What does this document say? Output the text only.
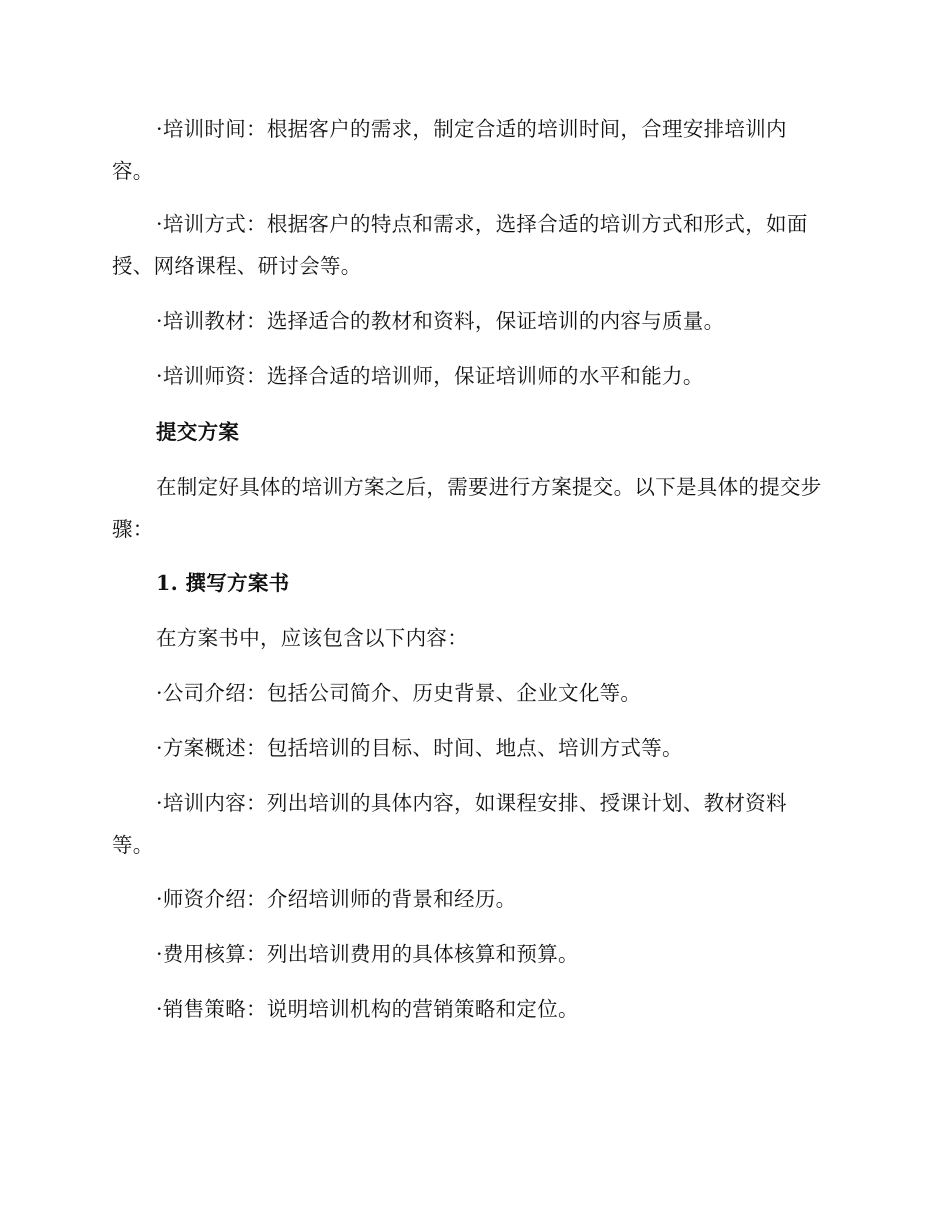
·培训时间：根据客户的需求，制定合适的培训时间，合理安排培训内容。

·培训方式：根据客户的特点和需求，选择合适的培训方式和形式，如面授、网络课程、研讨会等。

·培训教材：选择适合的教材和资料，保证培训的内容与质量。

·培训师资：选择合适的培训师，保证培训师的水平和能力。

提交方案

在制定好具体的培训方案之后，需要进行方案提交。以下是具体的提交步骤：

1. 撰写方案书

在方案书中，应该包含以下内容：

·公司介绍：包括公司简介、历史背景、企业文化等。

·方案概述：包括培训的目标、时间、地点、培训方式等。

·培训内容：列出培训的具体内容，如课程安排、授课计划、教材资料等。

·师资介绍：介绍培训师的背景和经历。

·费用核算：列出培训费用的具体核算和预算。

·销售策略：说明培训机构的营销策略和定位。
